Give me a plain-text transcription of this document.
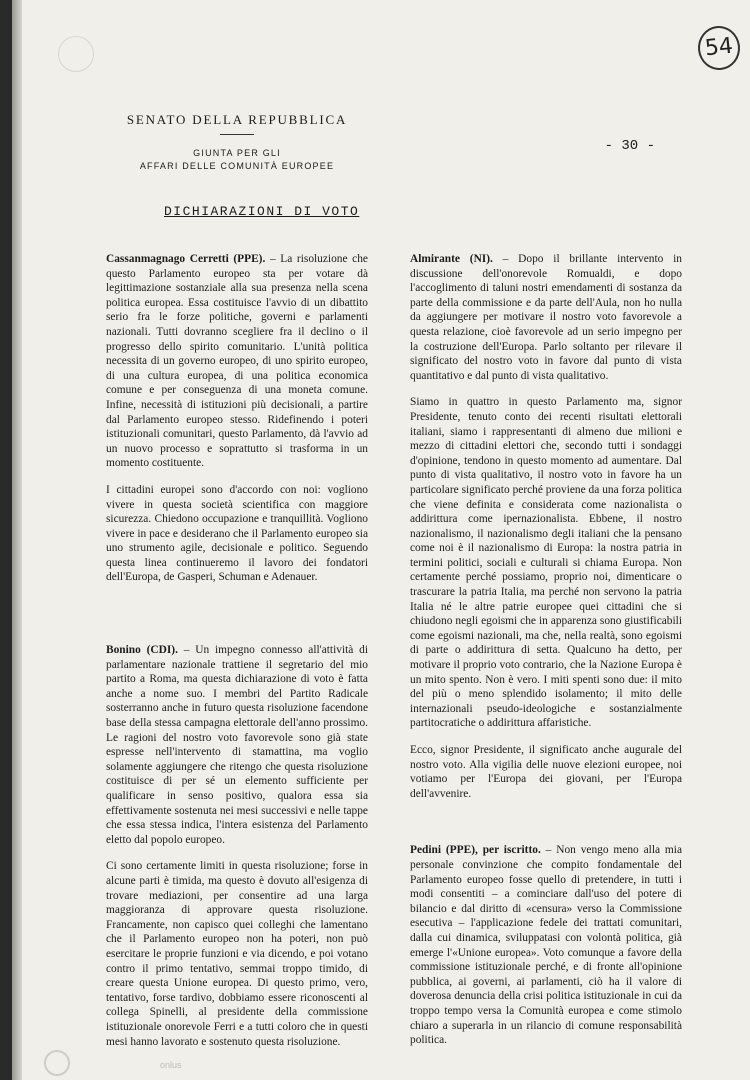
54
SENATO DELLA REPUBBLICA
GIUNTA PER GLI
AFFARI DELLE COMUNITÀ EUROPEE
- 30 -
DICHIARAZIONI DI VOTO

Cassanmagnago Cerretti (PPE). – La risoluzione che questo Parlamento europeo sta per votare dà legittimazione sostanziale alla sua presenza nella scena politica europea. Essa costituisce l'avvio di un dibattito serio fra le forze politiche, governi e parlamenti nazionali. Tutti dovranno scegliere fra il declino o il progresso dello spirito comunitario. L'unità politica necessita di un governo europeo, di uno spirito europeo, di una cultura europea, di una politica economica comune e per conseguenza di una moneta comune. Infine, necessità di istituzioni più decisionali, a partire dal Parlamento europeo stesso. Ridefinendo i poteri istituzionali comunitari, questo Parlamento, dà l'avvio ad un nuovo processo e soprattutto si trasforma in un momento costituente.

I cittadini europei sono d'accordo con noi: vogliono vivere in questa società scientifica con maggiore sicurezza. Chiedono occupazione e tranquillità. Vogliono vivere in pace e desiderano che il Parlamento europeo sia uno strumento agile, decisionale e politico. Seguendo questa linea continueremo il lavoro dei fondatori dell'Europa, de Gasperi, Schuman e Adenauer.

Bonino (CDI). – Un impegno connesso all'attività di parlamentare nazionale trattiene il segretario del mio partito a Roma, ma questa dichiarazione di voto è fatta anche a nome suo. I membri del Partito Radicale sosterranno anche in futuro questa risoluzione facendone base della stessa campagna elettorale dell'anno prossimo. Le ragioni del nostro voto favorevole sono già state espresse nell'intervento di stamattina, ma voglio solamente aggiungere che ritengo che questa risoluzione costituisce di per sé un elemento sufficiente per qualificare in senso positivo, qualora essa sia effettivamente sostenuta nei mesi successivi e nelle tappe che essa stessa indica, l'intera esistenza del Parlamento eletto dal popolo europeo.

Ci sono certamente limiti in questa risoluzione; forse in alcune parti è timida, ma questo è dovuto all'esigenza di trovare mediazioni, per consentire ad una larga maggioranza di approvare questa risoluzione. Francamente, non capisco quei colleghi che lamentano che il Parlamento europeo non ha poteri, non può esercitare le proprie funzioni e via dicendo, e poi votano contro il primo tentativo, semmai troppo timido, di creare questa Unione europea. Di questo primo, vero, tentativo, forse tardivo, dobbiamo essere riconoscenti al collega Spinelli, al presidente della commissione istituzionale onorevole Ferri e a tutti coloro che in questi mesi hanno lavorato e sostenuto questa risoluzione.

Almirante (NI). – Dopo il brillante intervento in discussione dell'onorevole Romualdi, e dopo l'accoglimento di taluni nostri emendamenti di sostanza da parte della commissione e da parte dell'Aula, non ho nulla da aggiungere per motivare il nostro voto favorevole a questa relazione, cioè favorevole ad un serio impegno per la costruzione dell'Europa. Parlo soltanto per rilevare il significato del nostro voto in favore dal punto di vista quantitativo e dal punto di vista qualitativo.

Siamo in quattro in questo Parlamento ma, signor Presidente, tenuto conto dei recenti risultati elettorali italiani, siamo i rappresentanti di almeno due milioni e mezzo di cittadini elettori che, secondo tutti i sondaggi d'opinione, tendono in questo momento ad aumentare. Dal punto di vista qualitativo, il nostro voto in favore ha un particolare significato perché proviene da una forza politica che viene definita e considerata come nazionalista o addirittura come ipernazionalista. Ebbene, il nostro nazionalismo, il nazionalismo degli italiani che la pensano come noi è il nazionalismo di Europa: la nostra patria in termini politici, sociali e culturali si chiama Europa. Non certamente perché possiamo, proprio noi, dimenticare o trascurare la patria Italia, ma perché non servono la patria Italia né le altre patrie europee quei cittadini che si chiudono negli egoismi che in apparenza sono giustificabili come egoismi nazionali, ma che, nella realtà, sono egoismi di parte o addirittura di setta. Qualcuno ha detto, per motivare il proprio voto contrario, che la Nazione Europa è un mito spento. Non è vero. I miti spenti sono due: il mito del più o meno splendido isolamento; il mito delle internazionali pseudo-ideologiche e sostanzialmente partitocratiche o addirittura affaristiche.

Ecco, signor Presidente, il significato anche augurale del nostro voto. Alla vigilia delle nuove elezioni europee, noi votiamo per l'Europa dei giovani, per l'Europa dell'avvenire.

Pedini (PPE), per iscritto. – Non vengo meno alla mia personale convinzione che compito fondamentale del Parlamento europeo fosse quello di pretendere, in tutti i modi consentiti – a cominciare dall'uso del potere di bilancio e dal diritto di «censura» verso la Commissione esecutiva – l'applicazione fedele dei trattati comunitari, dalla cui dinamica, sviluppatasi con volontà politica, già emerge l'«Unione europea». Voto comunque a favore della commissione istituzionale perché, e di fronte all'opinione pubblica, ai governi, ai parlamenti, ciò ha il valore di doverosa denuncia della crisi politica istituzionale in cui da troppo tempo versa la Comunità europea e come stimolo chiaro a superarla in un rilancio di comune responsabilità politica.

onlus
